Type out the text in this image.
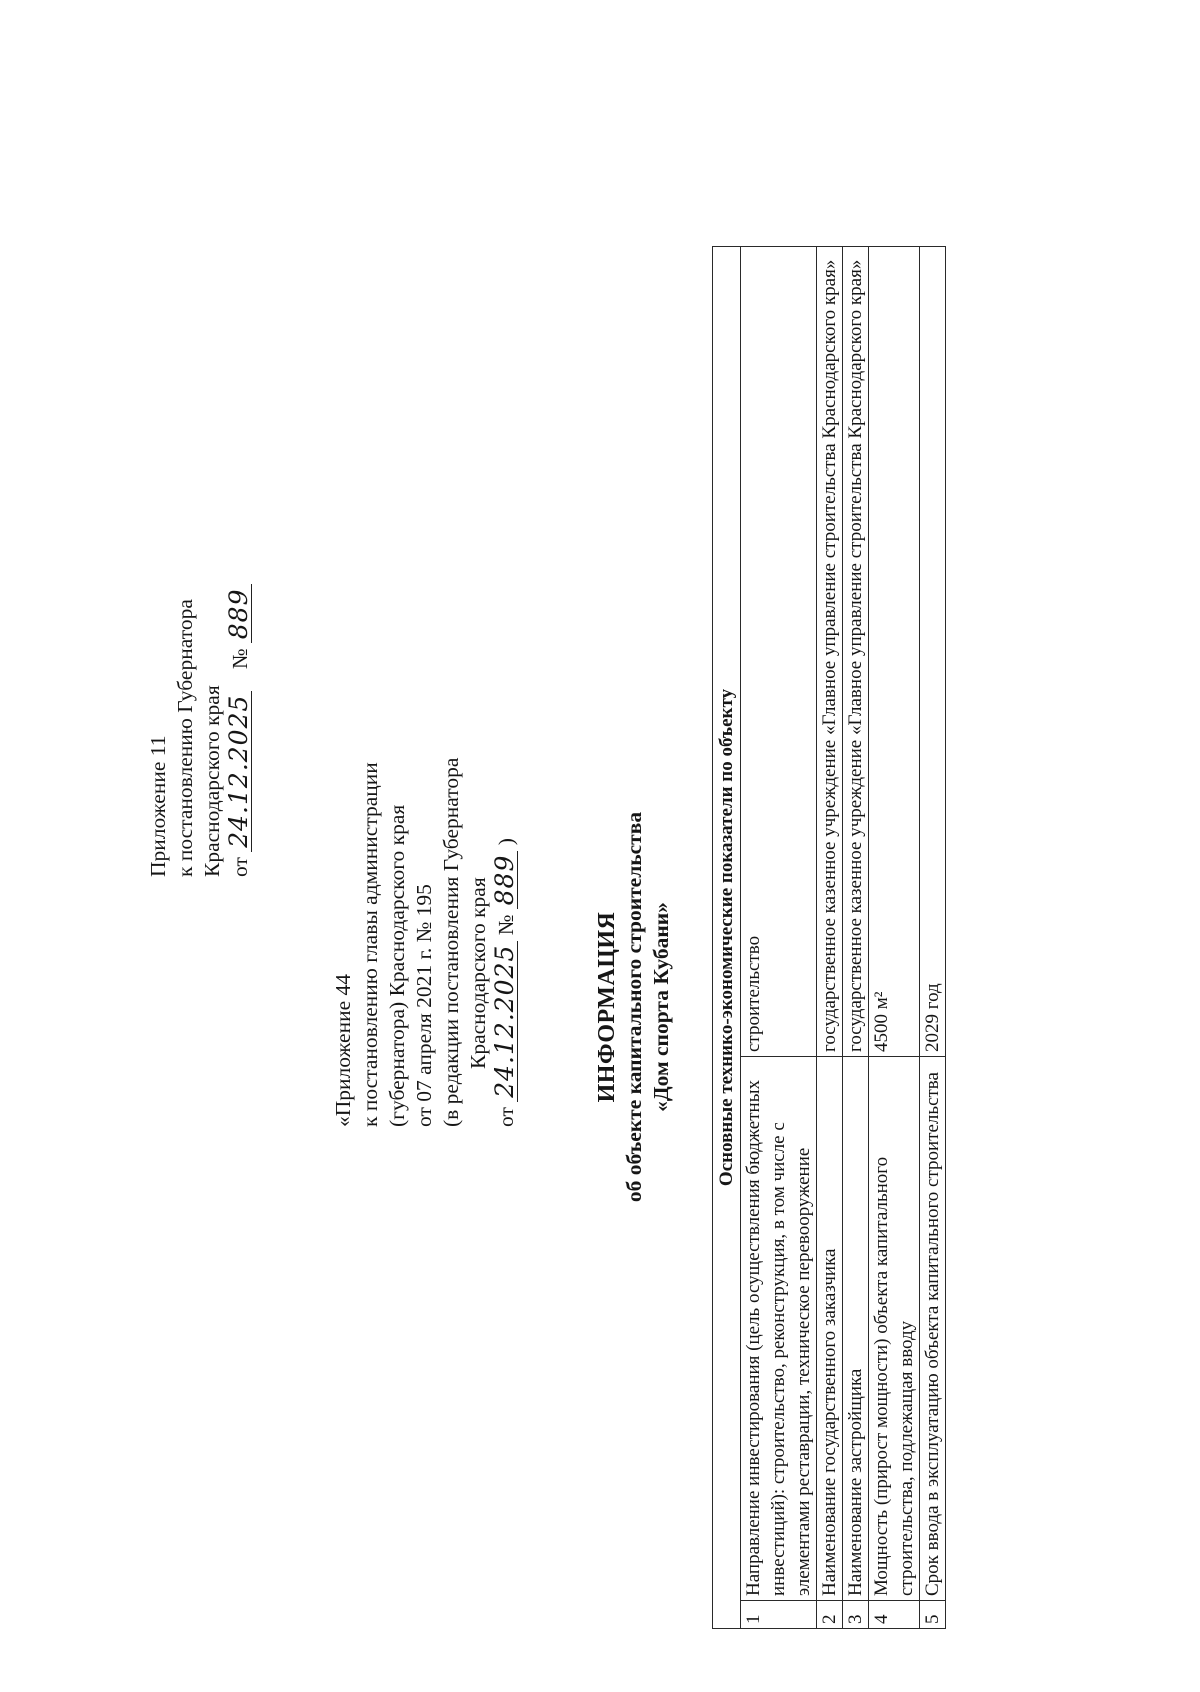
Приложение 11 к постановлению Губернатора Краснодарского края от 24.12.2025    № 889
«Приложение 44 к постановлению главы администрации (губернатора) Краснодарского края от 07 апреля 2021 г. № 195 (в редакции постановления Губернатора Краснодарского края
от 24.12.2025 № 889 )
ИНФОРМАЦИЯ об объекте капитального строительства «Дом спорта Кубани» Основные технико-экономические показатели по объекту		
1	Направление инвестирования (цель осуществления бюджетных инвестиций): строительство, реконструкция, в том числе с элементами реставрации, техническое перевооружение	строительство
2	Наименование государственного заказчика	государственное казенное учреждение «Главное управление строительства Краснодарского края»
3	Наименование застройщика	государственное казенное учреждение «Главное управление строительства Краснодарского края»
4	Мощность (прирост мощности) объекта капитального строительства, подлежащая вводу	4500 м²
5	Срок ввода в эксплуатацию объекта капитального строительства	2029 год
